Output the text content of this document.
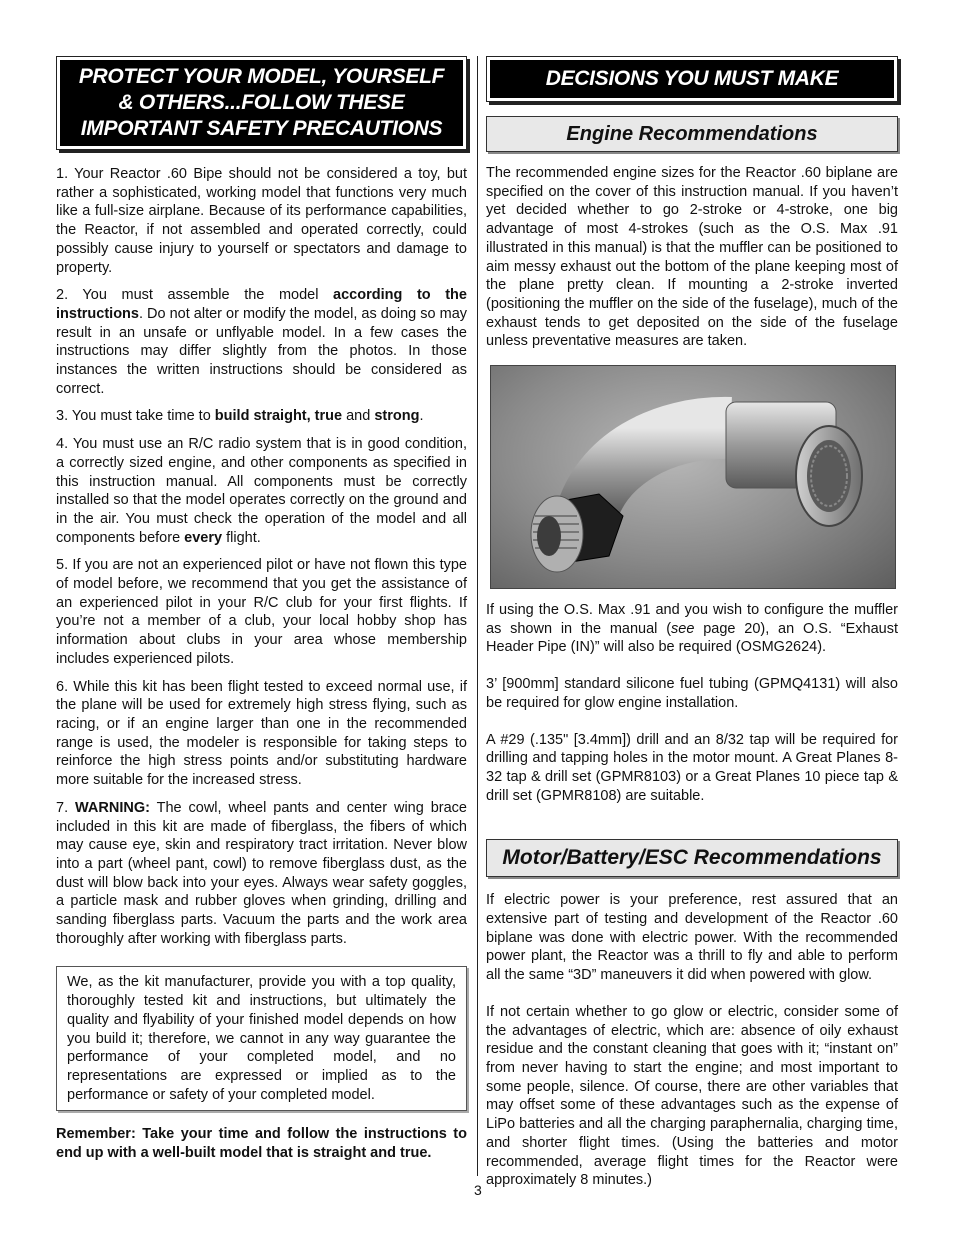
PROTECT YOUR MODEL, YOURSELF
& OTHERS...FOLLOW THESE
IMPORTANT SAFETY PRECAUTIONS

1. Your Reactor .60 Bipe should not be considered a toy, but rather a sophisticated, working model that functions very much like a full-size airplane. Because of its performance capabilities, the Reactor, if not assembled and operated correctly, could possibly cause injury to yourself or spectators and damage to property.

2. You must assemble the model according to the instructions. Do not alter or modify the model, as doing so may result in an unsafe or unflyable model. In a few cases the instructions may differ slightly from the photos. In those instances the written instructions should be considered as correct.

3. You must take time to build straight, true and strong.

4. You must use an R/C radio system that is in good condition, a correctly sized engine, and other components as specified in this instruction manual. All components must be correctly installed so that the model operates correctly on the ground and in the air. You must check the operation of the model and all components before every flight.

5. If you are not an experienced pilot or have not flown this type of model before, we recommend that you get the assistance of an experienced pilot in your R/C club for your first flights. If you’re not a member of a club, your local hobby shop has information about clubs in your area whose membership includes experienced pilots.

6. While this kit has been flight tested to exceed normal use, if the plane will be used for extremely high stress flying, such as racing, or if an engine larger than one in the recommended range is used, the modeler is responsible for taking steps to reinforce the high stress points and/or substituting hardware more suitable for the increased stress.

7. WARNING: The cowl, wheel pants and center wing brace included in this kit are made of fiberglass, the fibers of which may cause eye, skin and respiratory tract irritation. Never blow into a part (wheel pant, cowl) to remove fiberglass dust, as the dust will blow back into your eyes. Always wear safety goggles, a particle mask and rubber gloves when grinding, drilling and sanding fiberglass parts. Vacuum the parts and the work area thoroughly after working with fiberglass parts.

We, as the kit manufacturer, provide you with a top quality, thoroughly tested kit and instructions, but ultimately the quality and flyability of your finished model depends on how you build it; therefore, we cannot in any way guarantee the performance of your completed model, and no representations are expressed or implied as to the performance or safety of your completed model.

Remember: Take your time and follow the instructions to end up with a well-built model that is straight and true.

DECISIONS YOU MUST MAKE
Engine Recommendations

The recommended engine sizes for the Reactor .60 biplane are specified on the cover of this instruction manual. If you haven’t yet decided whether to go 2-stroke or 4-stroke, one big advantage of most 4-strokes (such as the O.S. Max .91 illustrated in this manual) is that the muffler can be positioned to aim messy exhaust out the bottom of the plane keeping most of the plane pretty clean. If mounting a 2-stroke inverted (positioning the muffler on the side of the fuselage), much of the exhaust tends to get deposited on the side of the fuselage unless preventative measures are taken.

If using the O.S. Max .91 and you wish to configure the muffler as shown in the manual (see page 20), an O.S. “Exhaust Header Pipe (IN)” will also be required (OSMG2624).

3’ [900mm] standard silicone fuel tubing (GPMQ4131) will also be required for glow engine installation.

A #29 (.135" [3.4mm]) drill and an 8/32 tap will be required for drilling and tapping holes in the motor mount. A Great Planes 8-32 tap & drill set (GPMR8103) or a Great Planes 10 piece tap & drill set (GPMR8108) are suitable.

Motor/Battery/ESC Recommendations

If electric power is your preference, rest assured that an extensive part of testing and development of the Reactor .60 biplane was done with electric power. With the recommended power plant, the Reactor was a thrill to fly and able to perform all the same “3D” maneuvers it did when powered with glow.

If not certain whether to go glow or electric, consider some of the advantages of electric, which are: absence of oily exhaust residue and the constant cleaning that goes with it; “instant on” from never having to start the engine; and most important to some people, silence. Of course, there are other variables that may offset some of these advantages such as the expense of LiPo batteries and all the charging paraphernalia, charging time, and shorter flight times. (Using the batteries and motor recommended, average flight times for the Reactor were approximately 8 minutes.)

3
